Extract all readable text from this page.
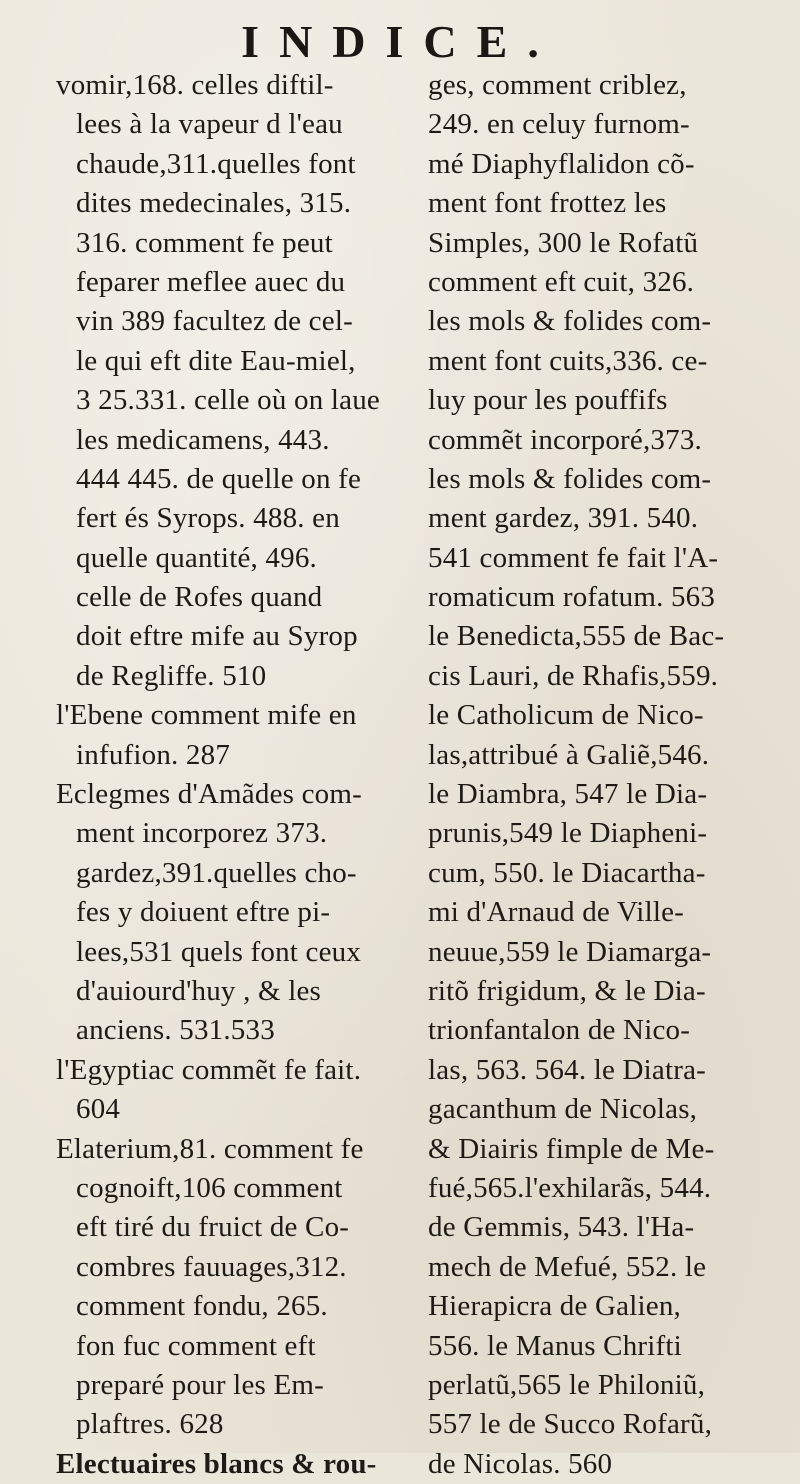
INDICE.
vomir,168. celles diftil-
lees à la vapeur d l'eau
chaude,311.quelles font
dites medecinales, 315.
316. comment fe peut
feparer meflee auec du
vin 389 facultez de cel-
le qui eft dite Eau-miel,
3 25.331. celle où on laue
les medicamens, 443.
444 445. de quelle on fe
fert és Syrops. 488. en
quelle quantité, 496.
celle de Rofes quand
doit eftre mife au Syrop
de Regliffe. 510
l'Ebene comment mife en
infufion. 287
Eclegmes d'Amãdes com-
ment incorporez 373.
gardez,391.quelles cho-
fes y doiuent eftre pi-
lees,531 quels font ceux
d'auiourd'huy , & les
anciens. 531.533
l'Egyptiac commẽt fe fait.
604
Elaterium,81. comment fe
cognoift,106 comment
eft tiré du fruict de Co-
combres fauuages,312.
comment fondu, 265.
fon fuc comment eft
preparé pour les Em-
plaftres. 628
Electuaires blancs & rou-
ges, comment criblez,
249. en celuy furnom-
mé Diaphyflalidon cõ-
ment font frottez les
Simples, 300 le Rofatũ
comment eft cuit, 326.
les mols & folides com-
ment font cuits,336. ce-
luy pour les pouffifs
commẽt incorporé,373.
les mols & folides com-
ment gardez, 391. 540.
541 comment fe fait l'A-
romaticum rofatum. 563
le Benedicta,555 de Bac-
cis Lauri, de Rhafis,559.
le Catholicum de Nico-
las,attribué à Galiẽ,546.
le Diambra, 547 le Dia-
prunis,549 le Diapheni-
cum, 550. le Diacartha-
mi d'Arnaud de Ville-
neuue,559 le Diamarga-
ritõ frigidum, & le Dia-
trionfantalon de Nico-
las, 563. 564. le Diatra-
gacanthum de Nicolas,
& Diairis fimple de Me-
fué,565.l'exhilarãs, 544.
de Gemmis, 543. l'Ha-
mech de Mefué, 552. le
Hierapicra de Galien,
556. le Manus Chrifti
perlatũ,565 le Philoniũ,
557 le de Succo Rofarũ,
de Nicolas. 560
